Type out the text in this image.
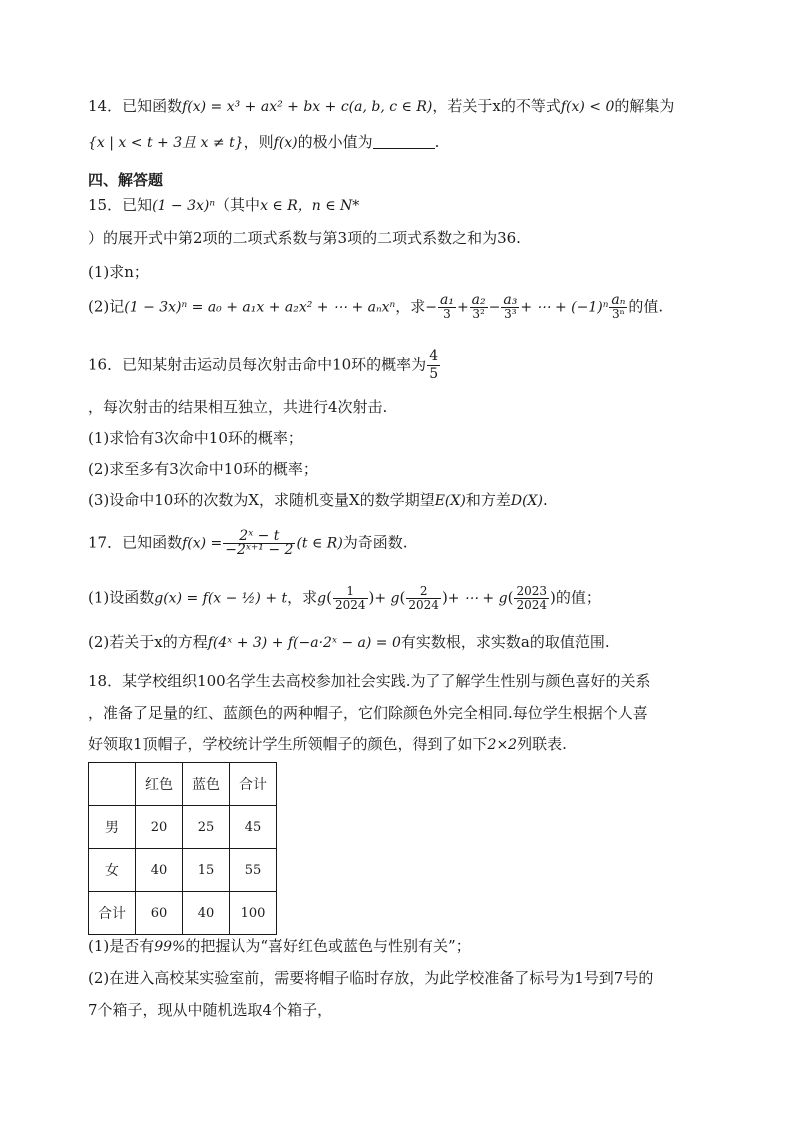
14．已知函数f(x) = x³ + ax² + bx + c(a, b, c ∈ R)，若关于x的不等式f(x) < 0的解集为
{x | x < t + 3且 x ≠ t}，则f(x)的极小值为	.
四、解答题
15．已知(1 − 3x)ⁿ（其中x ∈ R，n ∈ N*
）的展开式中第2项的二项式系数与第3项的二项式系数之和为36.
(1)求n；
(2)记(1 − 3x)ⁿ = a₀ + a₁x + a₂x² + ⋯ + aₙxⁿ，求− $\frac{\text{a₁}}{3} + \frac{\text{a₂}}{\text{3²}} - \frac{\text{a₃}}{\text{3³}}$ + ⋯ + $(-1)^n \frac{\text{aₙ}}{\text{3ⁿ}}$ 的值.
16．已知某射击运动员每次射击命中10环的概率为 $\frac{4}{5}$
，每次射击的结果相互独立，共进行4次射击.
(1)求恰有3次命中10环的概率；
(2)求至多有3次命中10环的概率；
(3)设命中10环的次数为X，求随机变量X的数学期望E(X)和方差D(X).
17．已知函数$f(x) = \frac{\text{2ˣ − t}}{\text{−2ˣ⁺¹ − 2}} (t$ ∈ R)为奇函数.
(1)设函数g(x) = f(x − ½) + t，求$g( \frac{1}{2024}$ )+ $g( \frac{2}{2024}$ )+ ⋯ + $g( \frac{2023}{2024}$ )的值；
(2)若关于x的方程f(4ˣ + 3) + f(−a·2ˣ − a) = 0有实数根，求实数a的取值范围.
18．某学校组织100名学生去高校参加社会实践.为了了解学生性别与颜色喜好的关系
，准备了足量的红、蓝颜色的两种帽子，它们除颜色外完全相同.每位学生根据个人喜
好领取1顶帽子，学校统计学生所领帽子的颜色，得到了如下2×2列联表.
	红色	蓝色	合计
男	20	25	45
女	40	15	55
合计	60	40	100
(1)是否有99%的把握认为“喜好红色或蓝色与性别有关”；
(2)在进入高校某实验室前，需要将帽子临时存放，为此学校准备了标号为1号到7号的
7个箱子，现从中随机选取4个箱子，
